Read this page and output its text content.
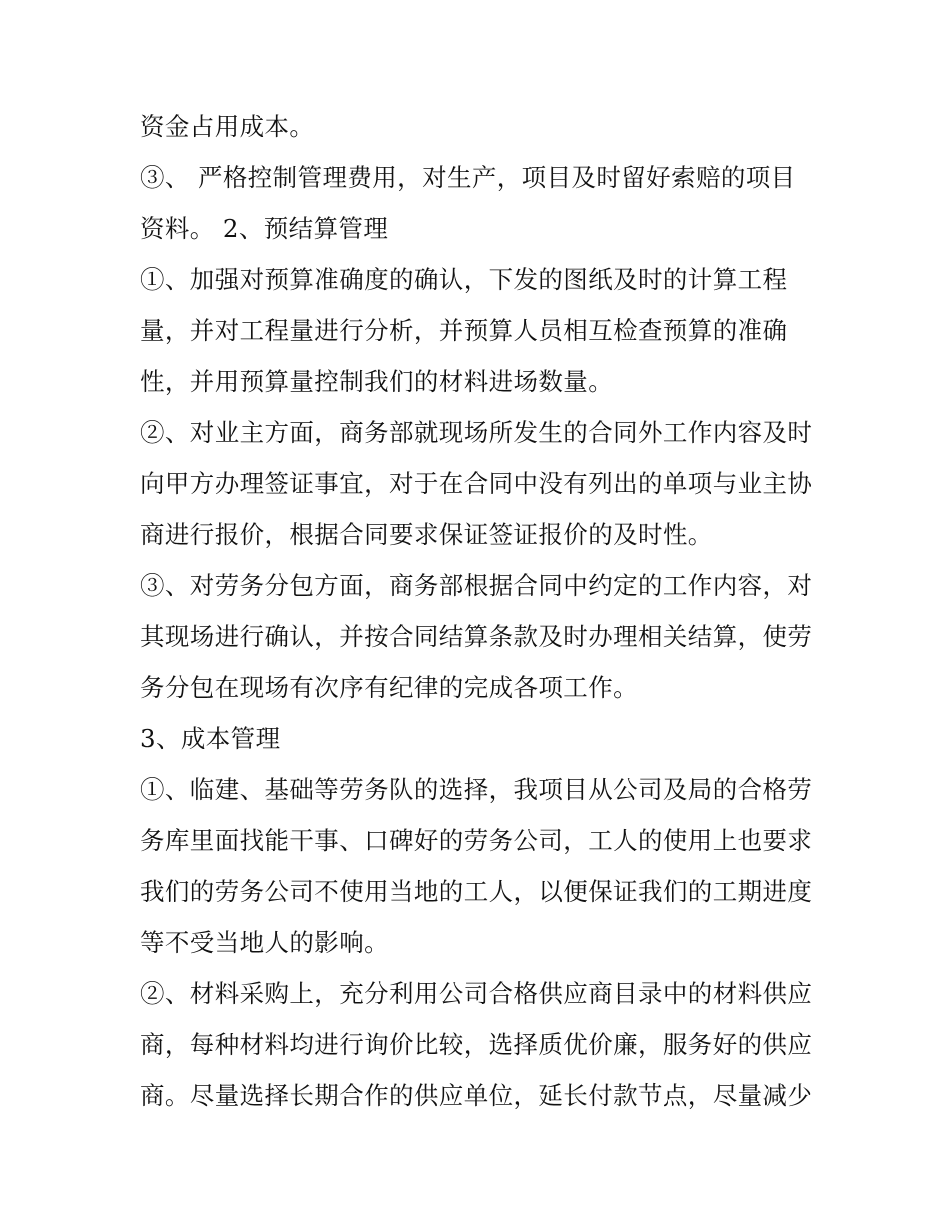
资金占用成本。
③、 严格控制管理费用，对生产，项目及时留好索赔的项目
资料。 2、预结算管理
①、加强对预算准确度的确认，下发的图纸及时的计算工程
量，并对工程量进行分析，并预算人员相互检查预算的准确
性，并用预算量控制我们的材料进场数量。
②、对业主方面，商务部就现场所发生的合同外工作内容及时
向甲方办理签证事宜，对于在合同中没有列出的单项与业主协
商进行报价，根据合同要求保证签证报价的及时性。
③、对劳务分包方面，商务部根据合同中约定的工作内容，对
其现场进行确认，并按合同结算条款及时办理相关结算，使劳
务分包在现场有次序有纪律的完成各项工作。
3、成本管理
①、临建、基础等劳务队的选择，我项目从公司及局的合格劳
务库里面找能干事、口碑好的劳务公司，工人的使用上也要求
我们的劳务公司不使用当地的工人，以便保证我们的工期进度
等不受当地人的影响。
②、材料采购上，充分利用公司合格供应商目录中的材料供应
商，每种材料均进行询价比较，选择质优价廉，服务好的供应
商。尽量选择长期合作的供应单位，延长付款节点，尽量减少
